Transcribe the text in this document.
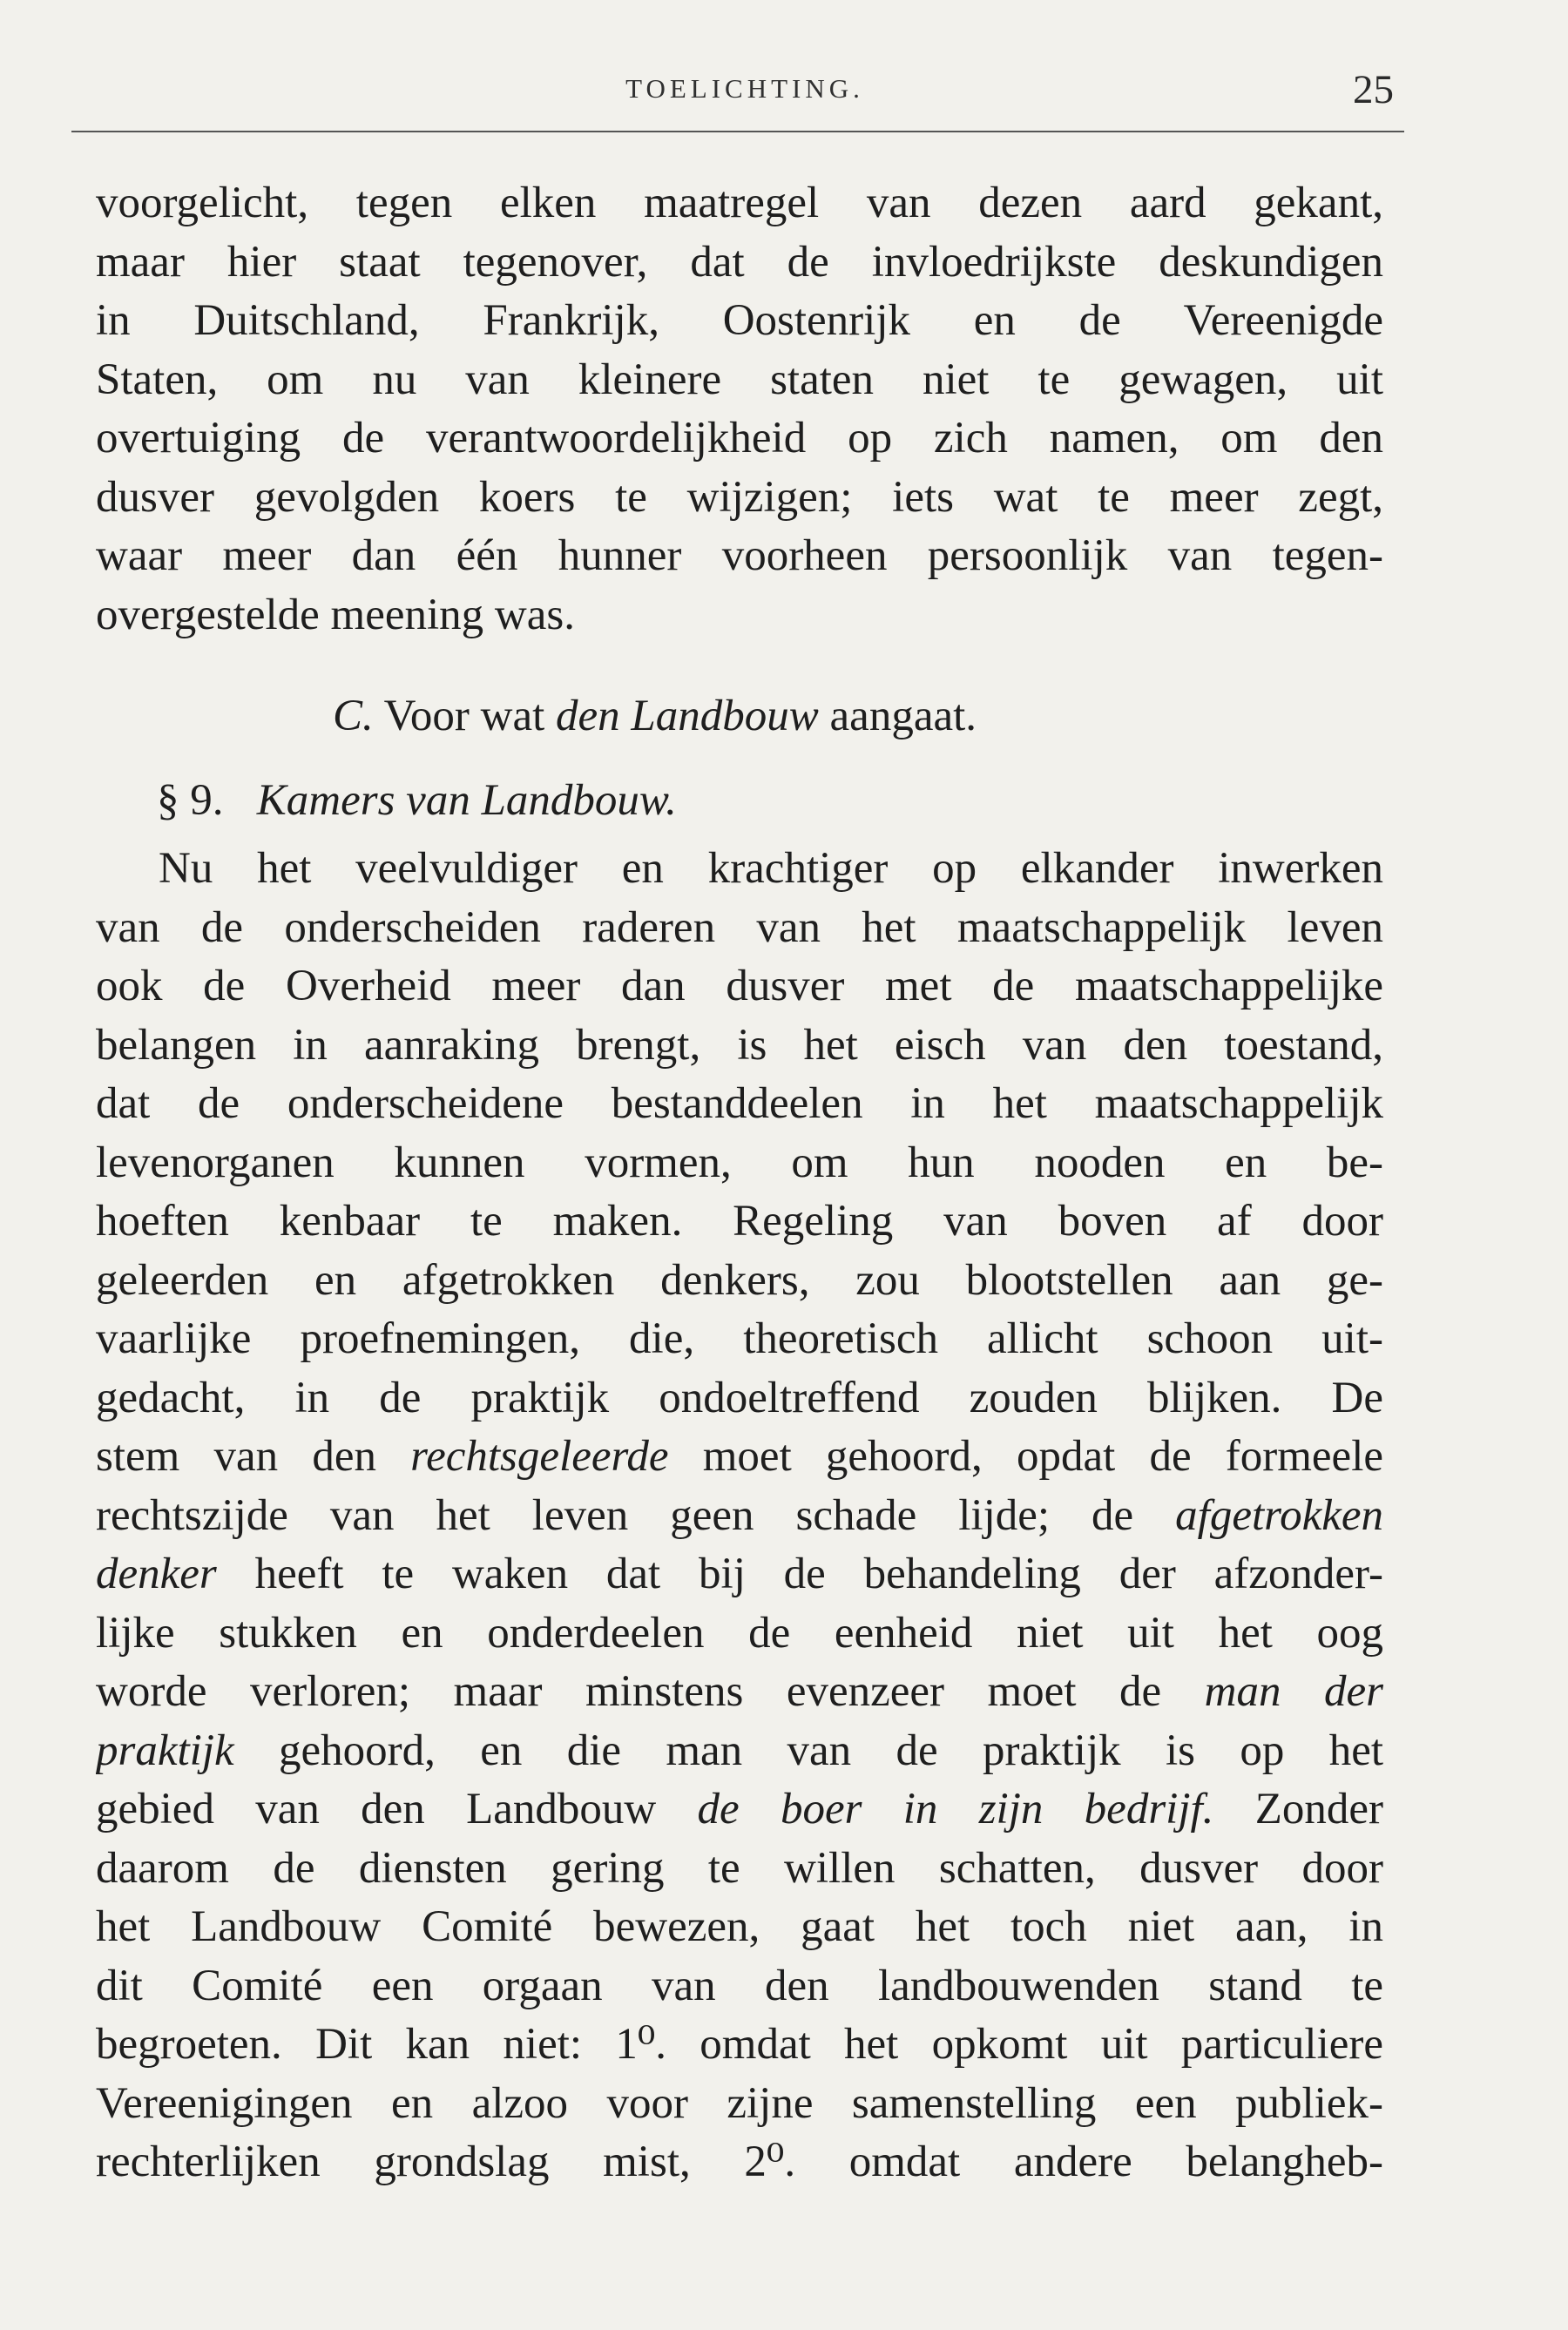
TOELICHTING.	25
voorgelicht, tegen elken maatregel van dezen aard gekant,
maar hier staat tegenover, dat de invloedrijkste deskundigen
in Duitschland, Frankrijk, Oostenrijk en de Vereenigde
Staten, om nu van kleinere staten niet te gewagen, uit
overtuiging de verantwoordelijkheid op zich namen, om den
dusver gevolgden koers te wijzigen; iets wat te meer zegt,
waar meer dan één hunner voorheen persoonlijk van tegen-
overgestelde meening was.
C. Voor wat den Landbouw aangaat.
§ 9. Kamers van Landbouw.
Nu het veelvuldiger en krachtiger op elkander inwerken
van de onderscheiden raderen van het maatschappelijk leven
ook de Overheid meer dan dusver met de maatschappelijke
belangen in aanraking brengt, is het eisch van den toestand,
dat de onderscheidene bestanddeelen in het maatschappelijk
levenorganen kunnen vormen, om hun nooden en be-
hoeften kenbaar te maken. Regeling van boven af door
geleerden en afgetrokken denkers, zou blootstellen aan ge-
vaarlijke proefnemingen, die, theoretisch allicht schoon uit-
gedacht, in de praktijk ondoeltreffend zouden blijken. De
stem van den rechtsgeleerde moet gehoord, opdat de formeele
rechtszijde van het leven geen schade lijde; de afgetrokken
denker heeft te waken dat bij de behandeling der afzonder-
lijke stukken en onderdeelen de eenheid niet uit het oog
worde verloren; maar minstens evenzeer moet de man der
praktijk gehoord, en die man van de praktijk is op het
gebied van den Landbouw de boer in zijn bedrijf. Zonder
daarom de diensten gering te willen schatten, dusver door
het Landbouw Comité bewezen, gaat het toch niet aan, in
dit Comité een orgaan van den landbouwenden stand te
begroeten. Dit kan niet: 1⁰. omdat het opkomt uit particuliere
Vereenigingen en alzoo voor zijne samenstelling een publiek-
rechterlijken grondslag mist, 2⁰. omdat andere belangheb-
